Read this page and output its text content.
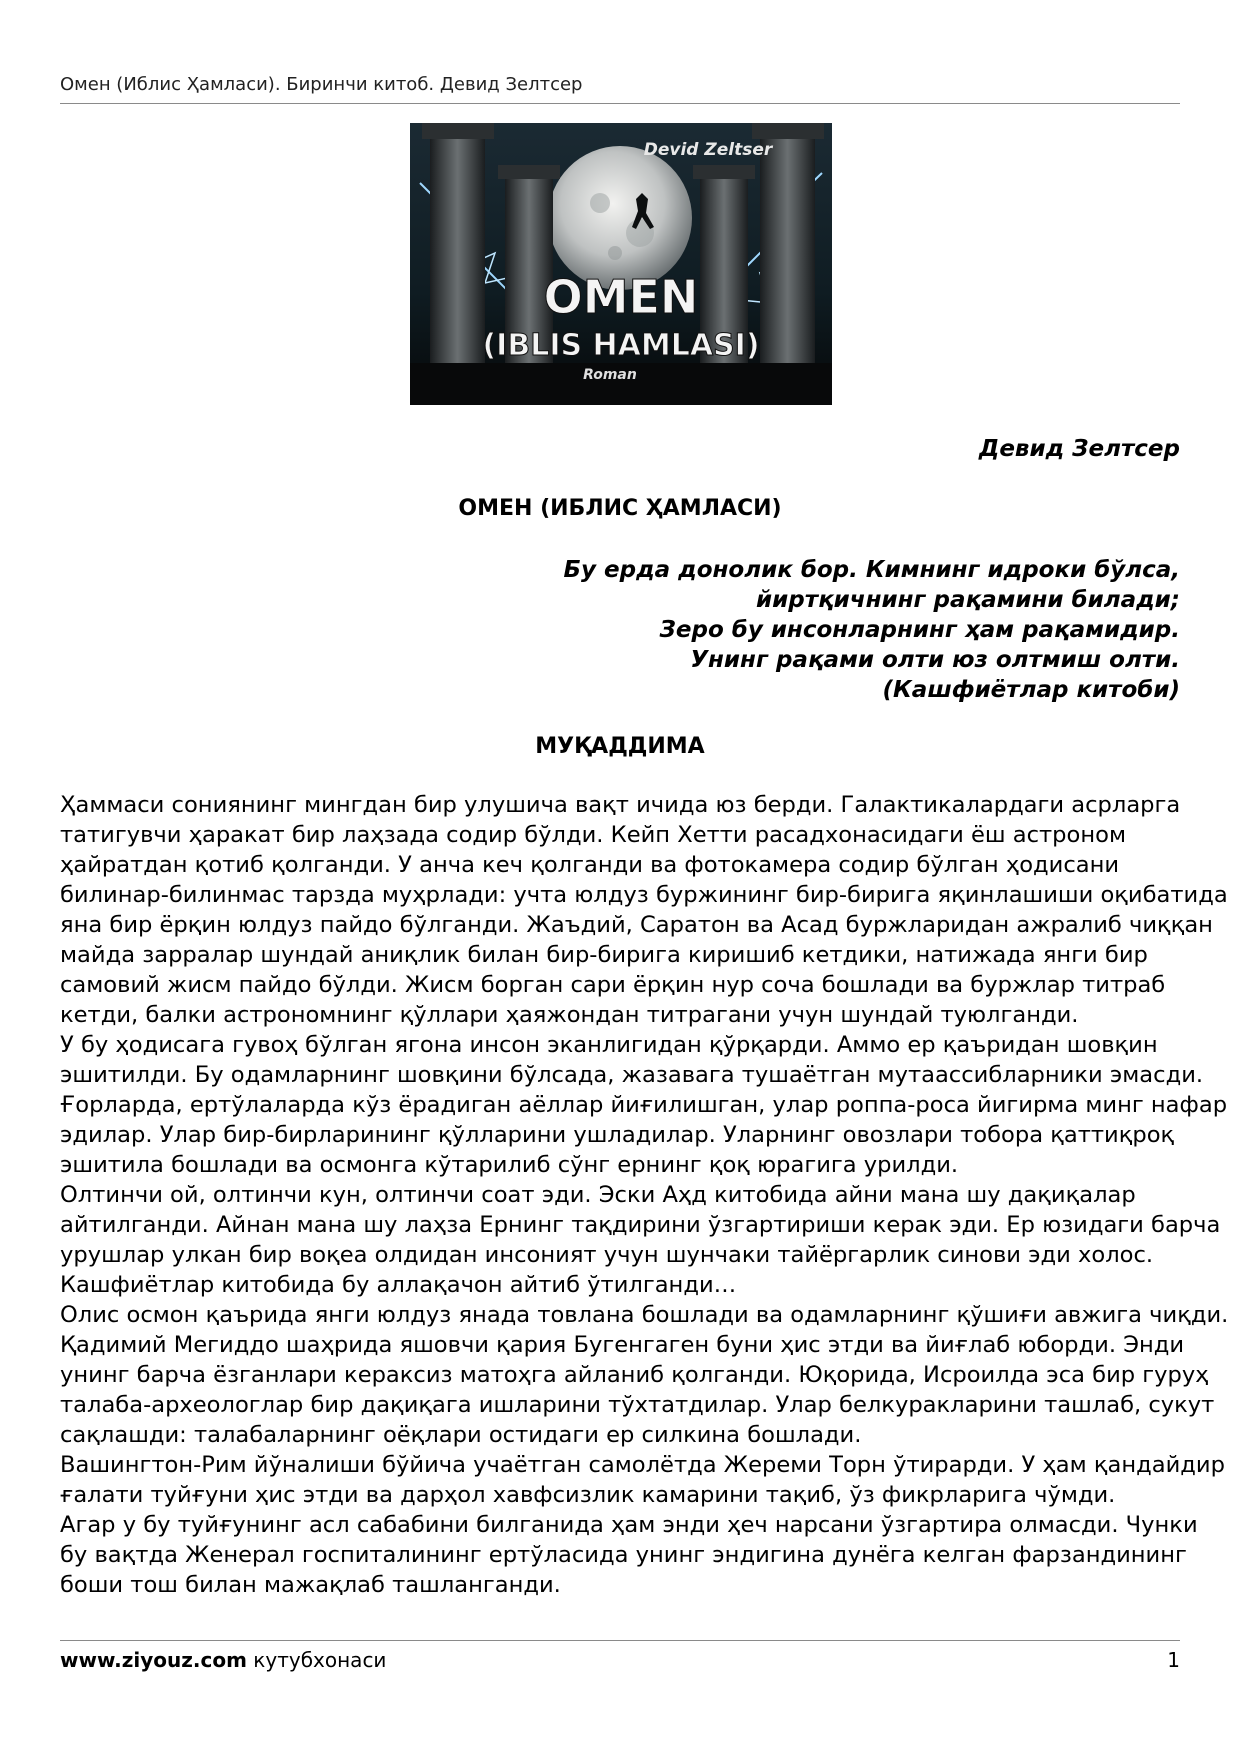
Омен (Иблис Ҳамласи). Биринчи китоб. Девид Зелтсер
Devid Zeltser
OMEN
(IBLIS HAMLASI)
Roman
Девид Зелтсер
ОМЕН (ИБЛИС ҲАМЛАСИ)
Бу ерда донолик бор. Кимнинг идроки бўлса,
йиртқичнинг рақамини билади;
Зеро бу инсонларнинг ҳам рақамидир.
Унинг рақами олти юз олтмиш олти.
(Кашфиётлар китоби)
МУҚАДДИМА
Ҳаммаси сониянинг мингдан бир улушича вақт ичида юз берди. Галактикалардаги асрларга
татигувчи ҳаракат бир лаҳзада содир бўлди. Кейп Хетти расадхонасидаги ёш астроном
ҳайратдан қотиб қолганди. У анча кеч қолганди ва фотокамера содир бўлган ҳодисани
билинар-билинмас тарзда муҳрлади: учта юлдуз буржининг бир-бирига яқинлашиши оқибатида
яна бир ёрқин юлдуз пайдо бўлганди. Жаъдий, Саратон ва Асад буржларидан ажралиб чиққан
майда зарралар шундай аниқлик билан бир-бирига киришиб кетдики, натижада янги бир
самовий жисм пайдо бўлди. Жисм борган сари ёрқин нур соча бошлади ва буржлар титраб
кетди, балки астрономнинг қўллари ҳаяжондан титрагани учун шундай туюлганди.
У бу ҳодисага гувоҳ бўлган ягона инсон эканлигидан қўрқарди. Аммо ер қаъридан шовқин
эшитилди. Бу одамларнинг шовқини бўлсада, жазавага тушаётган мутаассибларники эмасди.
Ғорларда, ертўлаларда кўз ёрадиган аёллар йиғилишган, улар роппа-роса йигирма минг нафар
эдилар. Улар бир-бирларининг қўлларини ушладилар. Уларнинг овозлари тобора қаттиқроқ
эшитила бошлади ва осмонга кўтарилиб сўнг ернинг қоқ юрагига урилди.
Олтинчи ой, олтинчи кун, олтинчи соат эди. Эски Аҳд китобида айни мана шу дақиқалар
айтилганди. Айнан мана шу лаҳза Ернинг тақдирини ўзгартириши керак эди. Ер юзидаги барча
урушлар улкан бир воқеа олдидан инсоният учун шунчаки тайёргарлик синови эди холос.
Кашфиётлар китобида бу аллақачон айтиб ўтилганди…
Олис осмон қаърида янги юлдуз янада товлана бошлади ва одамларнинг қўшиғи авжига чиқди.
Қадимий Мегиддо шаҳрида яшовчи қария Бугенгаген буни ҳис этди ва йиғлаб юборди. Энди
унинг барча ёзганлари кераксиз матоҳга айланиб қолганди. Юқорида, Исроилда эса бир гуруҳ
талаба-археологлар бир дақиқага ишларини тўхтатдилар. Улар белкуракларини ташлаб, сукут
сақлашди: талабаларнинг оёқлари остидаги ер силкина бошлади.
Вашингтон-Рим йўналиши бўйича учаётган самолётда Жереми Торн ўтирарди. У ҳам қандайдир
ғалати туйғуни ҳис этди ва дарҳол хавфсизлик камарини тақиб, ўз фикрларига чўмди.
Агар у бу туйғунинг асл сабабини билганида ҳам энди ҳеч нарсани ўзгартира олмасди. Чунки
бу вақтда Женерал госпиталининг ертўласида унинг эндигина дунёга келган фарзандининг
боши тош билан мажақлаб ташланганди.
www.ziyouz.com кутубхонаси	1
